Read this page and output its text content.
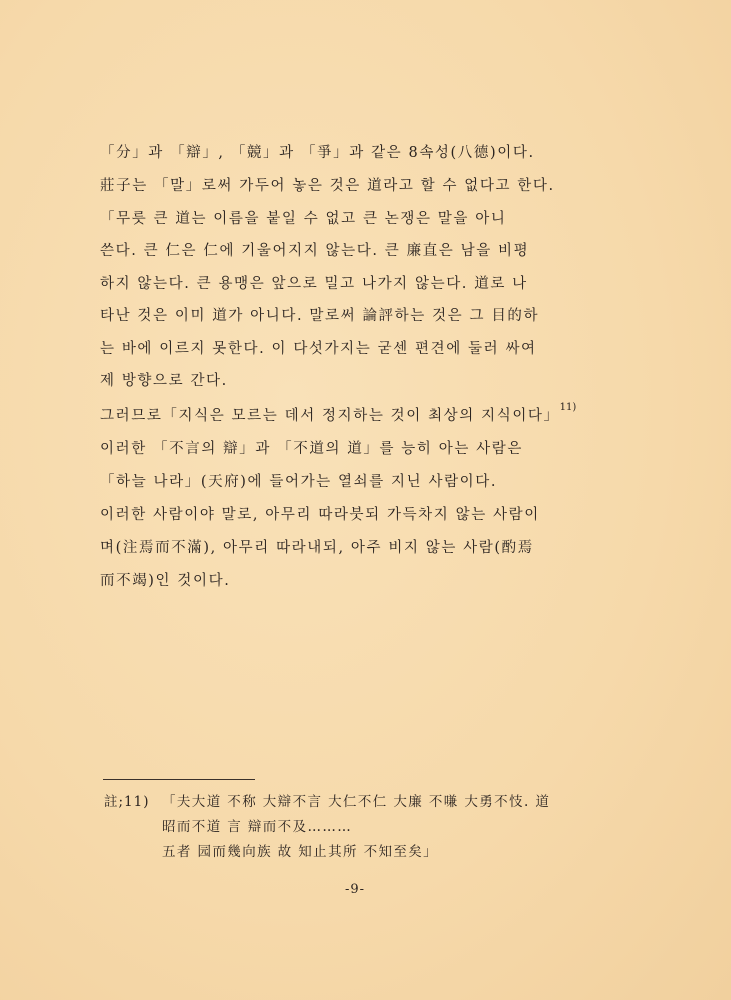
「分」과 「辯」, 「競」과 「爭」과 같은 8속성(八德)이다.
莊子는 「말」로써 가두어 놓은 것은 道라고 할 수 없다고 한다.
「무릇 큰 道는 이름을 붙일 수 없고 큰 논쟁은 말을 아니
쓴다. 큰 仁은 仁에 기울어지지 않는다. 큰 廉直은 남을 비평
하지 않는다. 큰 용맹은 앞으로 밀고 나가지 않는다. 道로 나
타난 것은 이미 道가 아니다. 말로써 論評하는 것은 그 目的하
는 바에 이르지 못한다. 이 다섯가지는 굳센 편견에 둘러 싸여
제 방향으로 간다.
그러므로「지식은 모르는 데서 정지하는 것이 최상의 지식이다」$^{11)}$
이러한 「不言의 辯」과 「不道의 道」를 능히 아는 사람은
「하늘 나라」(天府)에 들어가는 열쇠를 지닌 사람이다.
이러한 사람이야 말로, 아무리 따라붓되 가득차지 않는 사람이
며(注焉而不滿), 아무리 따라내되, 아주 비지 않는 사람(酌焉
而不竭)인 것이다.
註;11) 「夫大道 不称 大辯不言 大仁不仁 大廉 不嗛 大勇不忮. 道
昭而不道 言 辯而不及………
五者 园而幾向族 故 知止其所 不知至矣」
-9-
